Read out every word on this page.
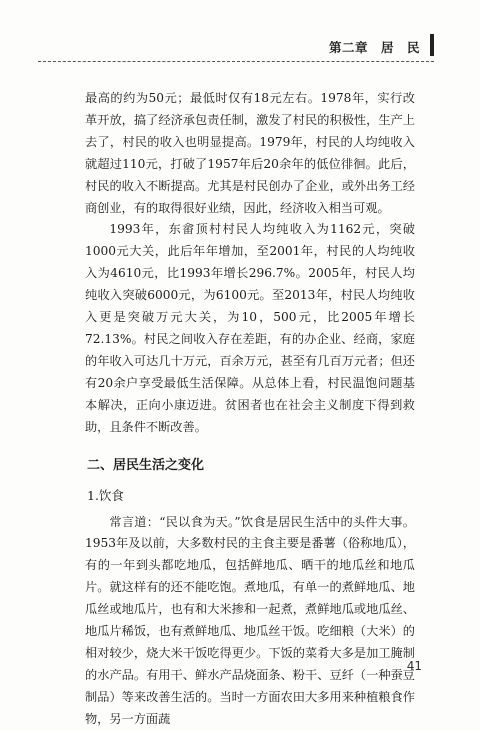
第二章　居　民

最高的约为50元；最低时仅有18元左右。1978年，实行改革开放，搞了经济承包责任制，激发了村民的积极性，生产上去了，村民的收入也明显提高。1979年，村民的人均纯收入就超过110元，打破了1957年后20余年的低位徘徊。此后，村民的收入不断提高。尤其是村民创办了企业，或外出务工经商创业，有的取得很好业绩，因此，经济收入相当可观。

1993年，东畲顶村村民人均纯收入为1162元，突破1000元大关，此后年年增加，至2001年，村民的人均纯收入为4610元，比1993年增长296.7%。2005年，村民人均纯收入突破6000元，为6100元。至2013年，村民人均纯收入更是突破万元大关，为10，500元，比2005年增长72.13%。村民之间收入存在差距，有的办企业、经商，家庭的年收入可达几十万元，百余万元，甚至有几百万元者；但还有20余户享受最低生活保障。从总体上看，村民温饱问题基本解决，正向小康迈进。贫困者也在社会主义制度下得到救助，且条件不断改善。

二、居民生活之变化
1.饮食

常言道：“民以食为天。”饮食是居民生活中的头件大事。1953年及以前，大多数村民的主食主要是番薯（俗称地瓜），有的一年到头都吃地瓜，包括鲜地瓜、晒干的地瓜丝和地瓜片。就这样有的还不能吃饱。煮地瓜，有单一的煮鲜地瓜、地瓜丝或地瓜片，也有和大米掺和一起煮，煮鲜地瓜或地瓜丝、地瓜片稀饭，也有煮鲜地瓜、地瓜丝干饭。吃细粮（大米）的相对较少，烧大米干饭吃得更少。下饭的菜肴大多是加工腌制的水产品。有用干、鲜水产品烧面条、粉干、豆纤（一种蚕豆制品）等来改善生活的。当时一方面农田大多用来种植粮食作物，另一方面蔬

41
